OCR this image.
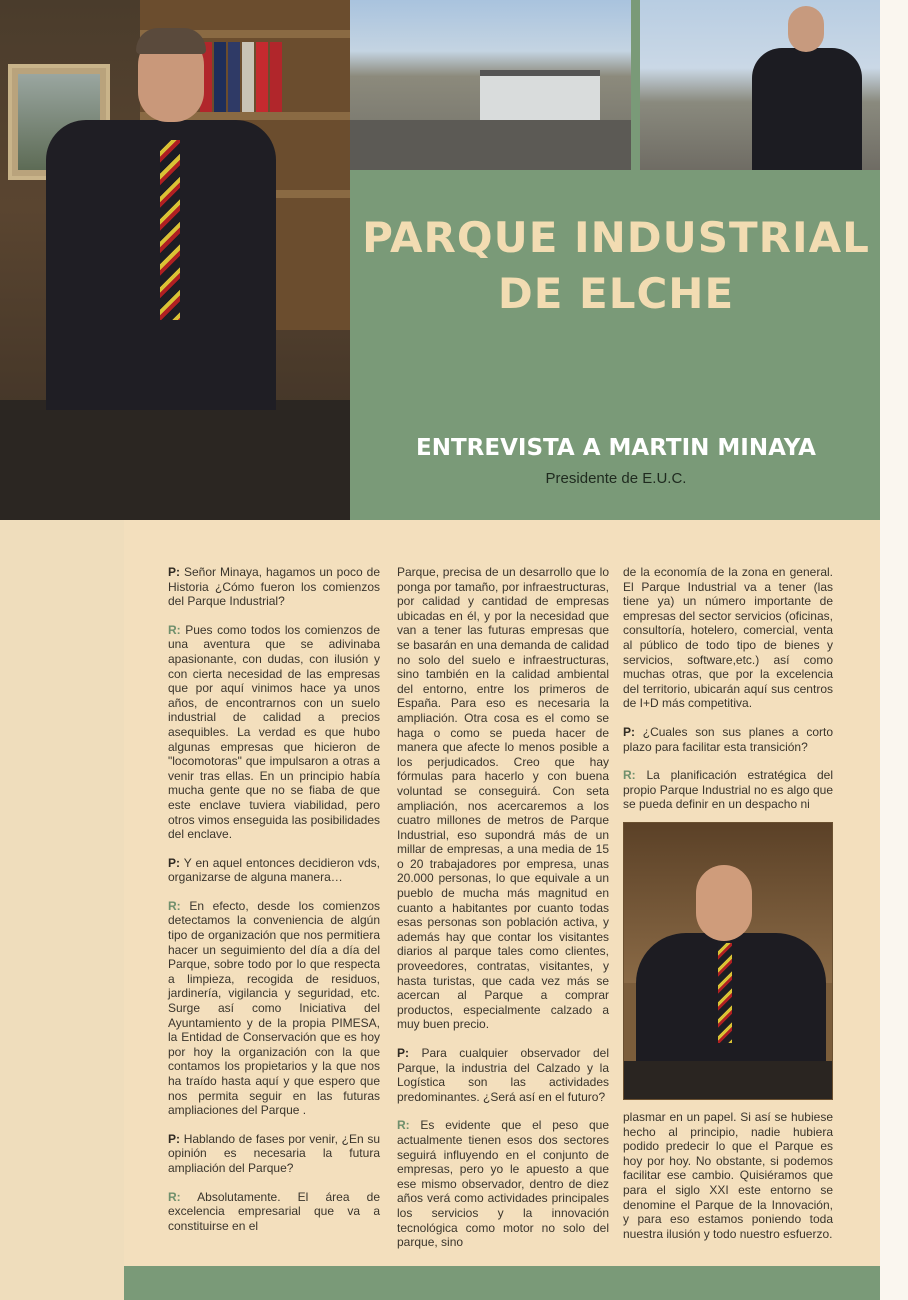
PARQUE INDUSTRIAL
DE ELCHE
ENTREVISTA A MARTIN MINAYA

Presidente de E.U.C.

P: Señor Minaya, hagamos un poco de Historia ¿Cómo fueron los comienzos del Parque Industrial?

R: Pues como todos los comienzos de una aventura que se adivinaba apasionante, con dudas, con ilusión y con cierta necesidad de las empresas que por aquí vinimos hace ya unos años, de encontrarnos con un suelo industrial de calidad a precios asequibles. La verdad es que hubo algunas empresas que hicieron de "locomotoras" que impulsaron a otras a venir tras ellas. En un principio había mucha gente que no se fiaba de que este enclave tuviera viabilidad, pero otros vimos enseguida las posibilidades del enclave.

P: Y en aquel entonces decidieron vds, organizarse de alguna manera…

R: En efecto, desde los comienzos detectamos la conveniencia de algún tipo de organización que nos permitiera hacer un seguimiento del día a día del Parque, sobre todo por lo que respecta a limpieza, recogida de residuos, jardinería, vigilancia y seguridad, etc. Surge así como Iniciativa del Ayuntamiento y de la propia PIMESA, la Entidad de Conservación que es hoy por hoy la organización con la que contamos los propietarios y la que nos ha traído hasta aquí y que espero que nos permita seguir en las futuras ampliaciones del Parque .

P: Hablando de fases por venir, ¿En su opinión es necesaria la futura ampliación del Parque?

R: Absolutamente. El área de excelencia empresarial que va a constituirse en el

Parque, precisa de un desarrollo que lo ponga por tamaño, por infraestructuras, por calidad y cantidad de empresas ubicadas en él, y por la necesidad que van a tener las futuras empresas que se basarán en una demanda de calidad no solo del suelo e infraestructuras, sino también en la calidad ambiental del entorno, entre los primeros de España. Para eso es necesaria la ampliación. Otra cosa es el como se haga o como se pueda hacer de manera que afecte lo menos posible a los perjudicados. Creo que hay fórmulas para hacerlo y con buena voluntad se conseguirá. Con seta ampliación, nos acercaremos a los cuatro millones de metros de Parque Industrial, eso supondrá más de un millar de empresas, a una media de 15 o 20 trabajadores por empresa, unas 20.000 personas, lo que equivale a un pueblo de mucha más magnitud en cuanto a habitantes por cuanto todas esas personas son población activa, y además hay que contar los visitantes diarios al parque tales como clientes, proveedores, contratas, visitantes, y hasta turistas, que cada vez más se acercan al Parque a comprar productos, especialmente calzado a muy buen precio.

P: Para cualquier observador del Parque, la industria del Calzado y la Logística son las actividades predominantes. ¿Será así en el futuro?

R: Es evidente que el peso que actualmente tienen esos dos sectores seguirá influyendo en el conjunto de empresas, pero yo le apuesto a que ese mismo observador, dentro de diez años verá como actividades principales los servicios y la innovación tecnológica como motor no solo del parque, sino

de la economía de la zona en general. El Parque Industrial va a tener (las tiene ya) un número importante de empresas del sector servicios (oficinas, consultoría, hotelero, comercial, venta al público de todo tipo de bienes y servicios, software,etc.) así como muchas otras, que por la excelencia del territorio, ubicarán aquí sus centros de I+D más competitiva.

P: ¿Cuales son sus planes a corto plazo para facilitar esta transición?

R: La planificación estratégica del propio Parque Industrial no es algo que se pueda definir en un despacho ni

plasmar en un papel. Si así se hubiese hecho al principio, nadie hubiera podido predecir lo que el Parque es hoy por hoy. No obstante, si podemos facilitar ese cambio. Quisiéramos que para el siglo XXI este entorno se denomine el Parque de la Innovación, y para eso estamos poniendo toda nuestra ilusión y todo nuestro esfuerzo.
